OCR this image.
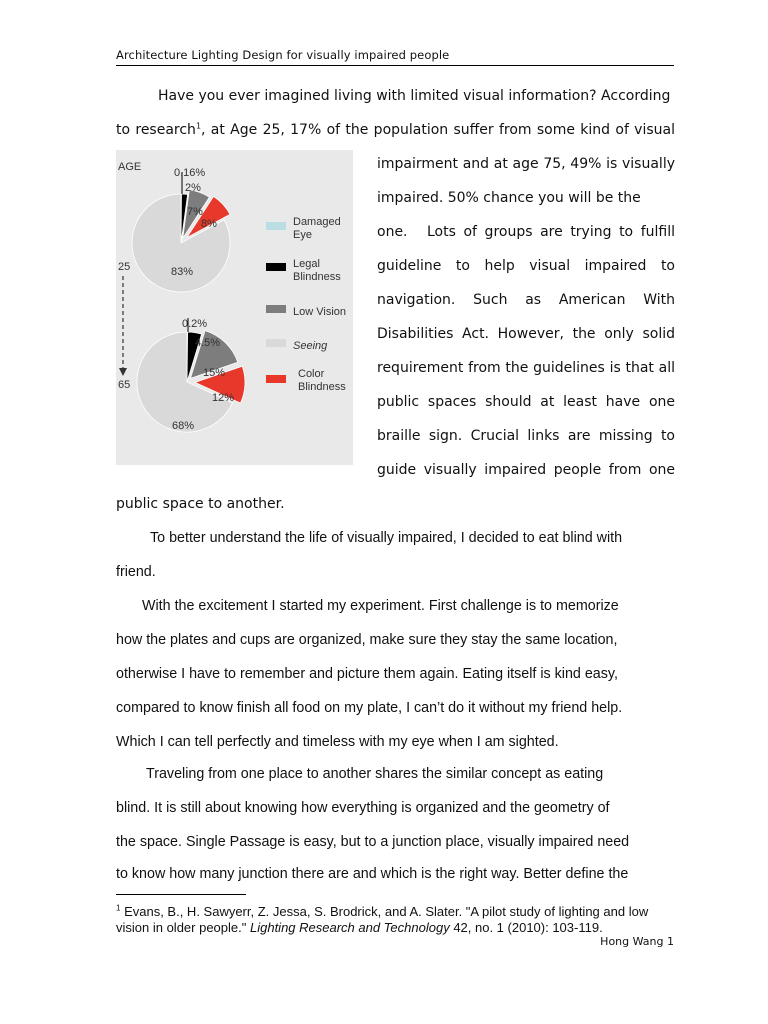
Architecture Lighting Design for visually impaired people

Have you ever imagined living with limited visual information? According

to research$^1$, at Age 25, 17% of the population suffer from some kind of visual

impairment and at age 75, 49% is visually

impaired. 50% chance you will be the one.	Lots of groups are trying to fulfill

guideline to help visual impaired to

navigation. Such as American With

Disabilities Act. However, the only solid

requirement from the guidelines is that all

public spaces should at least have one

braille sign. Crucial links are missing to

guide visually impaired people from one

public space to another.

AGE
25
65
0.16%
2%
7%
8%
83%
0.2%
4.5%
15%
12%
68%
Damaged
Eye
Legal
Blindness
Low Vision
Seeing
Color
Blindness

To better understand the life of visually impaired, I decided to eat blind with

friend.

With the excitement I started my experiment. First challenge is to memorize

how the plates and cups are organized, make sure they stay the same location,

otherwise I have to remember and picture them again. Eating itself is kind easy,

compared to know finish all food on my plate, I can’t do it without my friend help.

Which I can tell perfectly and timeless with my eye when I am sighted.

Traveling from one place to another shares the similar concept as eating

blind. It is still about knowing how everything is organized and the geometry of

the space. Single Passage is easy, but to a junction place, visually impaired need

to know how many junction there are and which is the right way. Better define the

$^1$ Evans, B., H. Sawyerr, Z. Jessa, S. Brodrick, and A. Slater. "A pilot study of lighting and low vision in older people." Lighting Research and Technology 42, no. 1 (2010): 103-119.
Hong Wang 1
